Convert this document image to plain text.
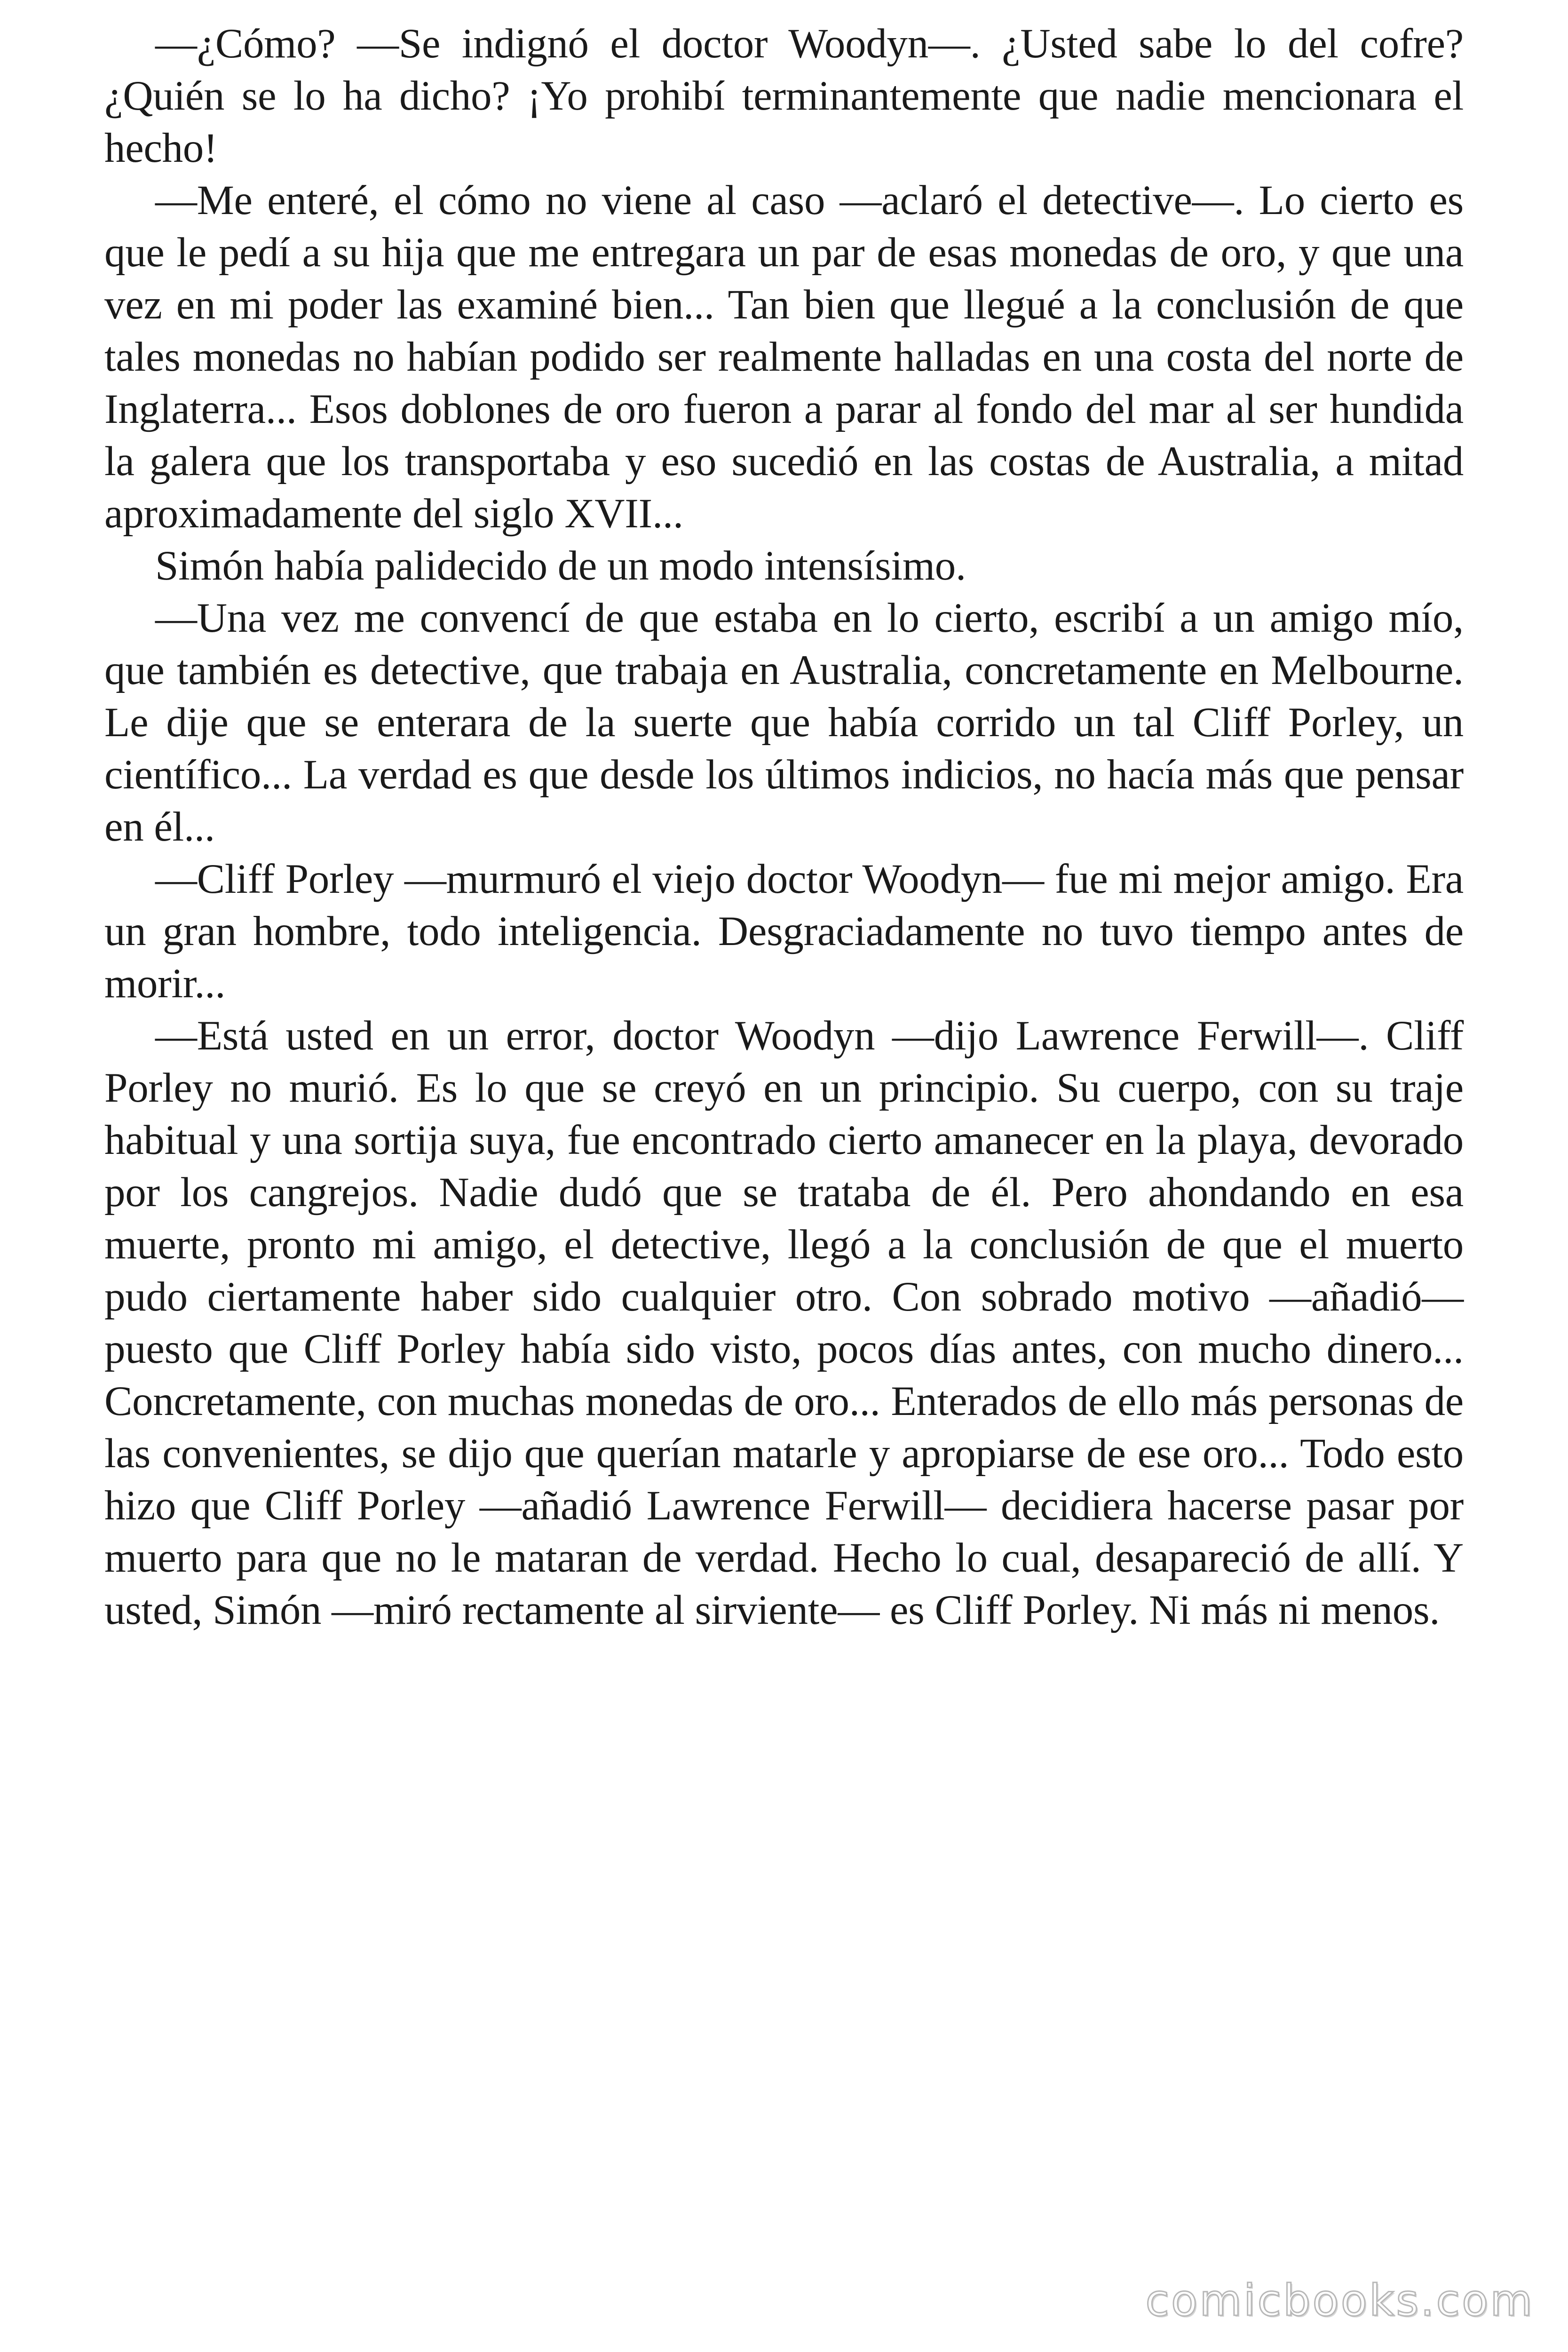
—¿Cómo? —Se indignó el doctor Woodyn—. ¿Usted sabe lo del cofre? ¿Quién se lo ha dicho? ¡Yo prohibí terminantemente que nadie mencionara el hecho!

—Me enteré, el cómo no viene al caso —aclaró el detective—. Lo cierto es que le pedí a su hija que me entregara un par de esas monedas de oro, y que una vez en mi poder las examiné bien... Tan bien que llegué a la conclusión de que tales monedas no habían podido ser realmente halladas en una costa del norte de Inglaterra... Esos doblones de oro fueron a parar al fondo del mar al ser hundida la galera que los transportaba y eso sucedió en las costas de Australia, a mitad aproximadamente del siglo XVII...

Simón había palidecido de un modo intensísimo.

—Una vez me convencí de que estaba en lo cierto, escribí a un amigo mío, que también es detective, que trabaja en Australia, concretamente en Melbourne. Le dije que se enterara de la suerte que había corrido un tal Cliff Porley, un científico... La verdad es que desde los últimos indicios, no hacía más que pensar en él...

—Cliff Porley —murmuró el viejo doctor Woodyn— fue mi mejor amigo. Era un gran hombre, todo inteligencia. Desgraciadamente no tuvo tiempo antes de morir...

—Está usted en un error, doctor Woodyn —dijo Lawrence Ferwill—. Cliff Porley no murió. Es lo que se creyó en un principio. Su cuerpo, con su traje habitual y una sortija suya, fue encontrado cierto amanecer en la playa, devorado por los cangrejos. Nadie dudó que se trataba de él. Pero ahondando en esa muerte, pronto mi amigo, el detective, llegó a la conclusión de que el muerto pudo ciertamente haber sido cualquier otro. Con sobrado motivo —añadió— puesto que Cliff Porley había sido visto, pocos días antes, con mucho dinero... Concretamente, con muchas monedas de oro... Enterados de ello más personas de las convenientes, se dijo que querían matarle y apropiarse de ese oro... Todo esto hizo que Cliff Porley —añadió Lawrence Ferwill— decidiera hacerse pasar por muerto para que no le mataran de verdad. Hecho lo cual, desapareció de allí. Y usted, Simón —miró rectamente al sirviente— es Cliff Porley. Ni más ni menos.

comicbooks.com
